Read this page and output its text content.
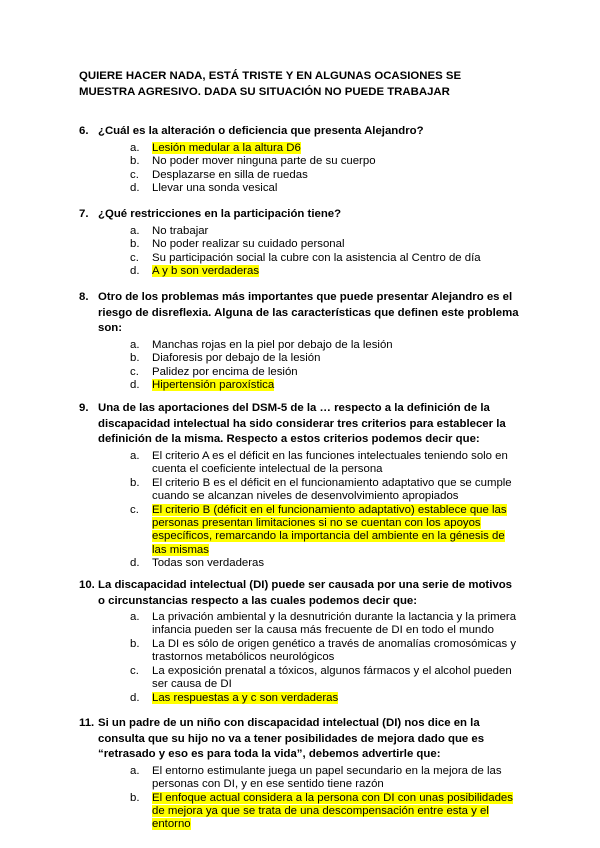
QUIERE HACER NADA, ESTÁ TRISTE Y EN ALGUNAS OCASIONES SE MUESTRA AGRESIVO. DADA SU SITUACIÓN NO PUEDE TRABAJAR

6. ¿Cuál es la alteración o deficiencia que presenta Alejandro?
a.	Lesión medular a la altura D6
b.	No poder mover ninguna parte de su cuerpo
c.	Desplazarse en silla de ruedas
d.	Llevar una sonda vesical
7. ¿Qué restricciones en la participación tiene?
a.	No trabajar
b.	No poder realizar su cuidado personal
c.	Su participación social la cubre con la asistencia al Centro de día
d.	A y b son verdaderas
8. Otro de los problemas más importantes que puede presentar Alejandro es el riesgo de disreflexia. Alguna de las características que definen este problema son:
a.	Manchas rojas en la piel por debajo de la lesión
b.	Diaforesis por debajo de la lesión
c.	Palidez por encima de lesión
d.	Hipertensión paroxística
9. Una de las aportaciones del DSM-5 de la … respecto a la definición de la discapacidad intelectual ha sido considerar tres criterios para establecer la definición de la misma. Respecto a estos criterios podemos decir que:
a.	El criterio A es el déficit en las funciones intelectuales teniendo solo en cuenta el coeficiente intelectual de la persona
b.	El criterio B es el déficit en el funcionamiento adaptativo que se cumple cuando se alcanzan niveles de desenvolvimiento apropiados
c.	El criterio B (déficit en el funcionamiento adaptativo) establece que las personas presentan limitaciones si no se cuentan con los apoyos específicos, remarcando la importancia del ambiente en la génesis de las mismas
d.	Todas son verdaderas
10. La discapacidad intelectual (DI) puede ser causada por una serie de motivos o circunstancias respecto a las cuales podemos decir que:
a.	La privación ambiental y la desnutrición durante la lactancia y la primera infancia pueden ser la causa más frecuente de DI en todo el mundo
b.	La DI es sólo de origen genético a través de anomalías cromosómicas y trastornos metabólicos neurológicos
c.	La exposición prenatal a tóxicos, algunos fármacos y el alcohol pueden ser causa de DI
d.	Las respuestas a y c son verdaderas
11. Si un padre de un niño con discapacidad intelectual (DI) nos dice en la consulta que su hijo no va a tener posibilidades de mejora dado que es “retrasado y eso es para toda la vida”, debemos advertirle que:
a.	El entorno estimulante juega un papel secundario en la mejora de las personas con DI, y en ese sentido tiene razón
b.	El enfoque actual considera a la persona con DI con unas posibilidades de mejora ya que se trata de una descompensación entre esta y el entorno
